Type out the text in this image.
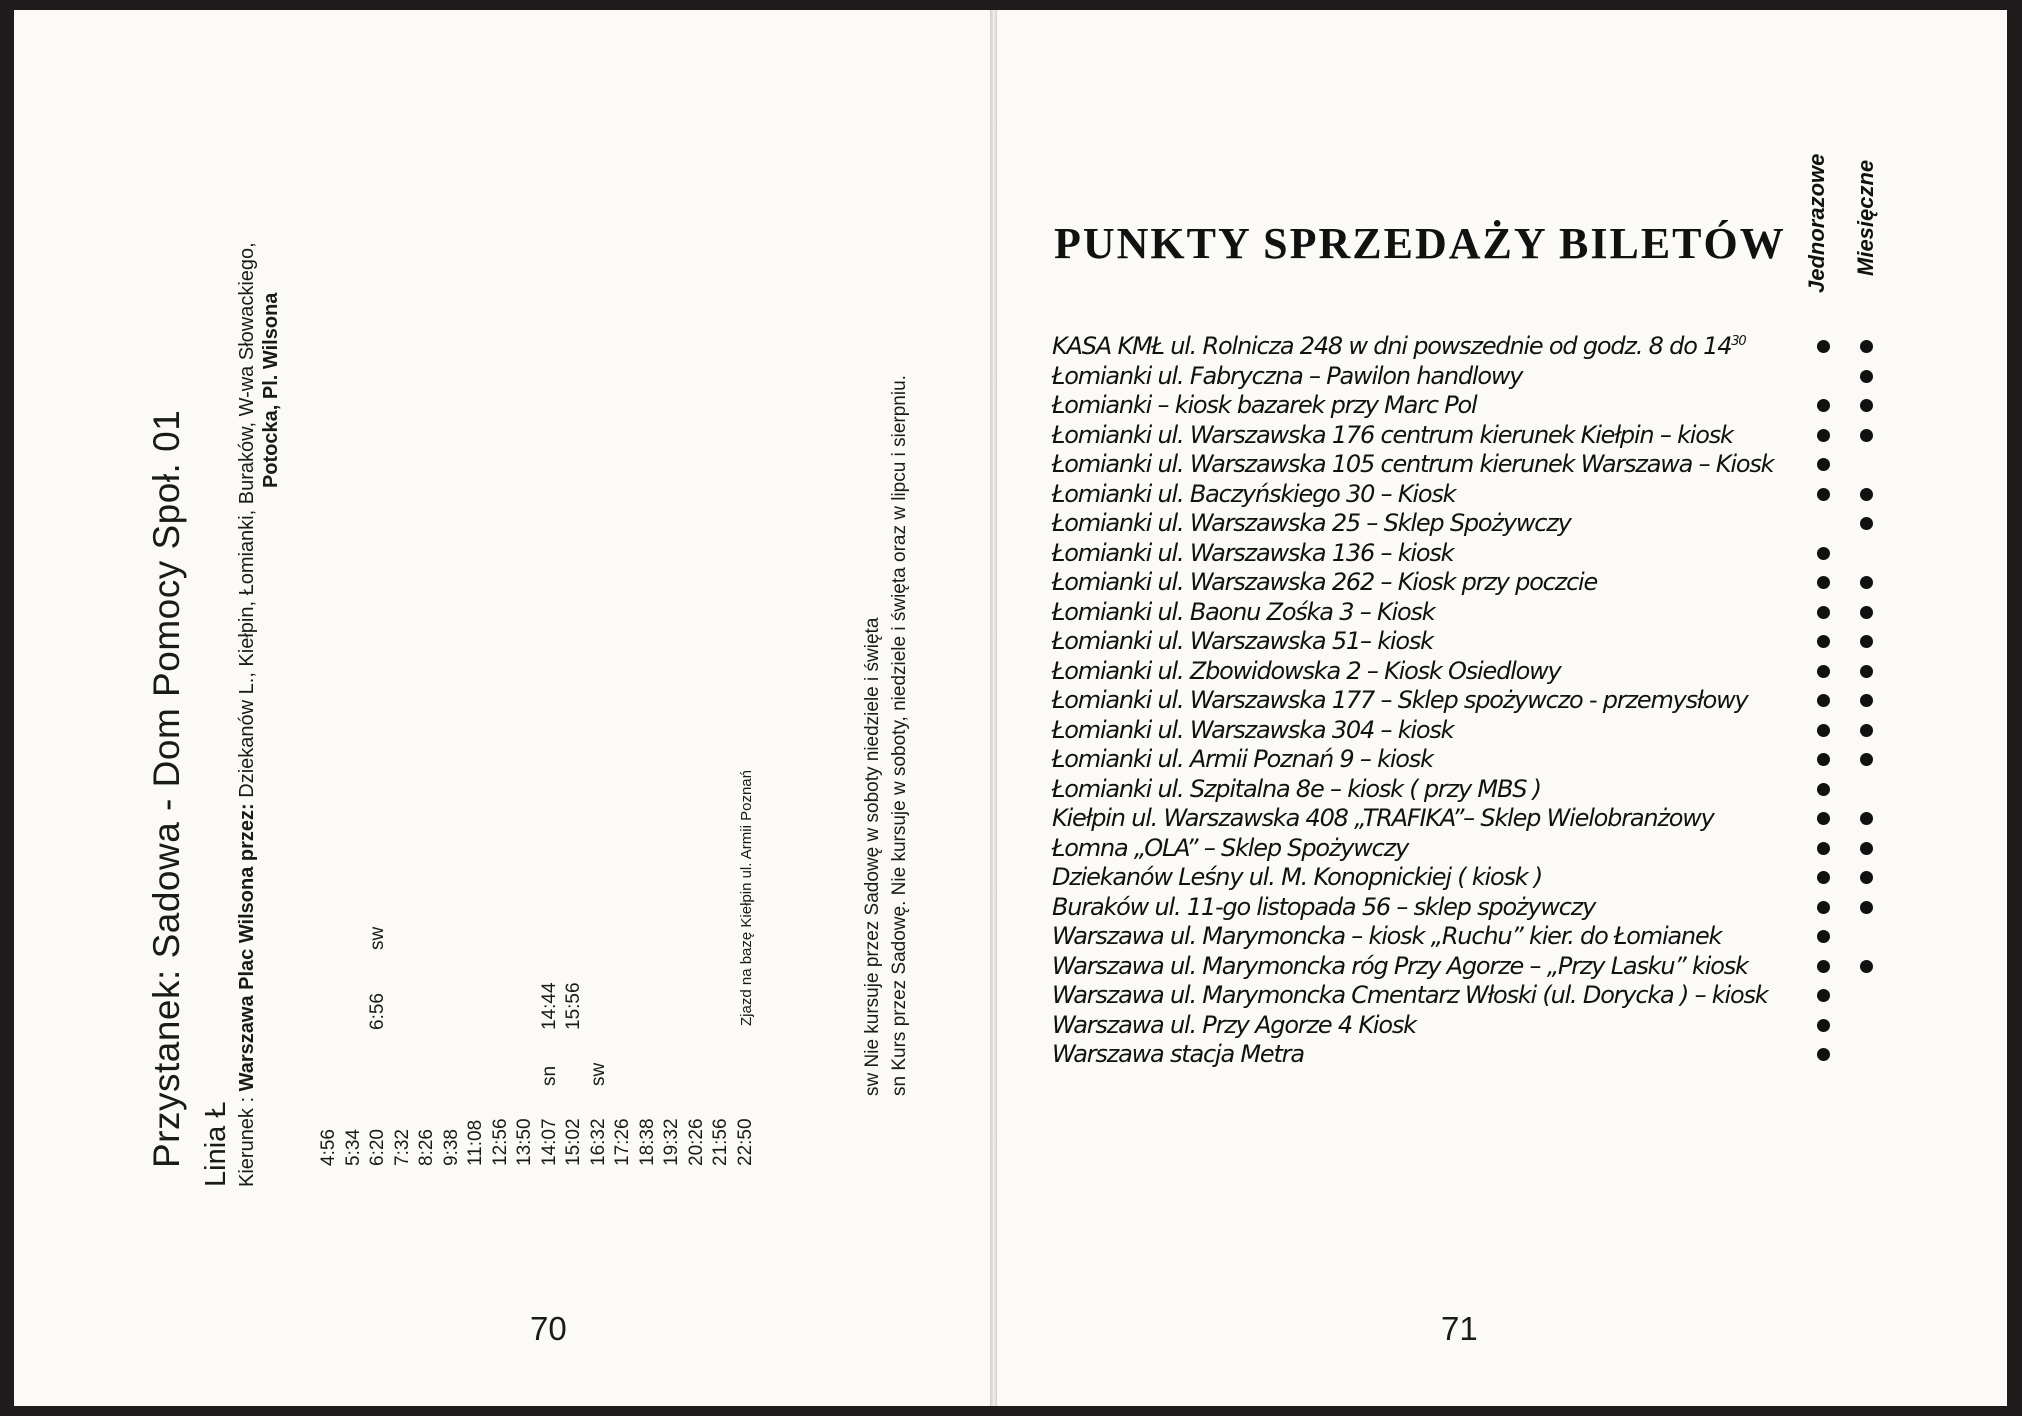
Przystanek: Sadowa - Dom Pomocy Społ. 01 Linia Ł Kierunek : Warszawa Plac Wilsona przez: Dziekanów L., Kiełpin, Łomianki, Buraków, W-wa Słowackiego, Potocka, Pl. Wilsona
4:56 5:34 6:206:56sw
7:32 8:26 9:38 11:08 12:56 13:50 14:07sn14:44
15:0215:56
16:32sw
17:26 18:38 19:32 20:26 21:56 22:50Zjazd na bazę Kiełpin ul. Armii Poznań	sw Nie kursuje przez Sadowę w soboty niedziele i święta sn Kurs przez Sadowę. Nie kursuje w soboty, niedziele i święta oraz w lipcu i sierpniu.
70	71
PUNKTY SPRZEDAŻY BILETÓW Jednorazowe Miesięczne
KASA KMŁ ul. Rolnicza 248 w dni powszednie od godz. 8 do $14^{30}$
Łomianki ul. Fabryczna – Pawilon handlowy
Łomianki – kiosk bazarek przy Marc Pol
Łomianki ul. Warszawska 176 centrum kierunek Kiełpin – kiosk
Łomianki ul. Warszawska 105 centrum kierunek Warszawa – Kiosk
Łomianki ul. Baczyńskiego 30 – Kiosk
Łomianki ul. Warszawska 25 – Sklep Spożywczy
Łomianki ul. Warszawska 136 – kiosk
Łomianki ul. Warszawska 262 – Kiosk przy poczcie
Łomianki ul. Baonu Zośka 3 – Kiosk
Łomianki ul. Warszawska 51– kiosk
Łomianki ul. Zbowidowska 2 – Kiosk Osiedlowy
Łomianki ul. Warszawska 177 – Sklep spożywczo - przemysłowy
Łomianki ul. Warszawska 304 – kiosk
Łomianki ul. Armii Poznań 9 – kiosk
Łomianki ul. Szpitalna 8e – kiosk ( przy MBS )
Kiełpin ul. Warszawska 408 „TRAFIKA”– Sklep Wielobranżowy
Łomna „OLA” – Sklep Spożywczy
Dziekanów Leśny ul. M. Konopnickiej ( kiosk )
Buraków ul. 11-go listopada 56 – sklep spożywczy
Warszawa ul. Marymoncka – kiosk „Ruchu” kier. do Łomianek
Warszawa ul. Marymoncka róg Przy Agorze – „Przy Lasku” kiosk
Warszawa ul. Marymoncka Cmentarz Włoski (ul. Dorycka ) – kiosk
Warszawa ul. Przy Agorze 4 Kiosk
Warszawa stacja Metra
